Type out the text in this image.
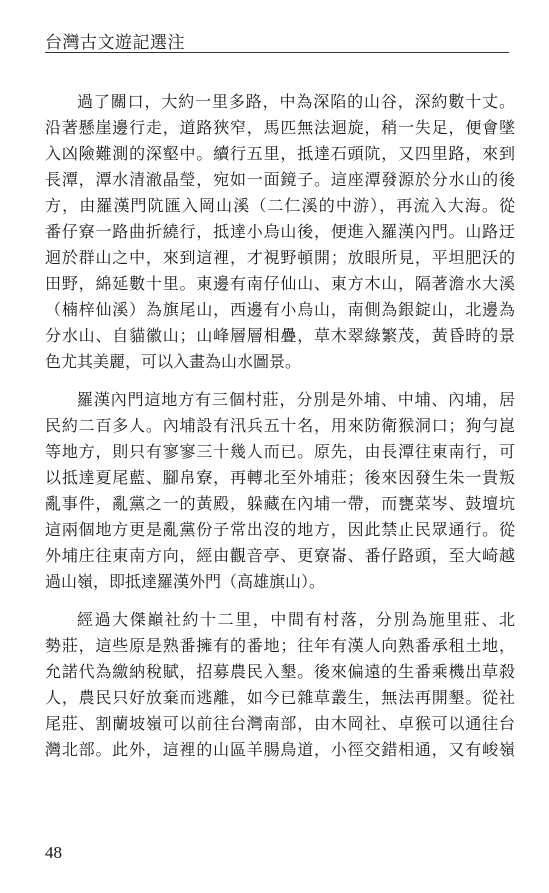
台灣古文遊記選注

過了關口，大約一里多路，中為深陷的山谷，深約數十丈。
沿著懸崖邊行走，道路狹窄，馬匹無法迴旋，稍一失足，便會墜
入凶險難測的深壑中。續行五里，抵達石頭阬，又四里路，來到
長潭，潭水清澈晶瑩，宛如一面鏡子。這座潭發源於分水山的後
方，由羅漢門阬匯入岡山溪（二仁溪的中游），再流入大海。從
番仔寮一路曲折繞行，抵達小烏山後，便進入羅漢內門。山路迂
迴於群山之中，來到這裡，才視野頓開；放眼所見，平坦肥沃的
田野，綿延數十里。東邊有南仔仙山、東方木山，隔著澹水大溪
（楠梓仙溪）為旗尾山，西邊有小烏山，南側為銀錠山，北邊為
分水山、自貓徽山；山峰層層相疊，草木翠綠繁茂，黃昏時的景
色尤其美麗，可以入畫為山水圖景。

羅漢內門這地方有三個村莊，分別是外埔、中埔、內埔，居
民約二百多人。內埔設有汛兵五十名，用來防衛猴洞口；狗勻崑
等地方，則只有寥寥三十幾人而已。原先，由長潭往東南行，可
以抵達夏尾藍、腳帛寮，再轉北至外埔莊；後來因發生朱一貴叛
亂事件，亂黨之一的黃殿，躲藏在內埔一帶，而甕菜岑、鼓壇坑
這兩個地方更是亂黨份子常出沒的地方，因此禁止民眾通行。從
外埔庄往東南方向，經由觀音亭、更寮崙、番仔路頭，至大崎越
過山嶺，即抵達羅漢外門（高雄旗山）。

經過大傑巔社約十二里，中間有村落，分別為施里莊、北
勢莊，這些原是熟番擁有的番地；往年有漢人向熟番承租土地，
允諾代為繳納稅賦，招募農民入墾。後來偏遠的生番乘機出草殺
人，農民只好放棄而逃離，如今已雜草叢生，無法再開墾。從社
尾莊、割蘭坡嶺可以前往台灣南部，由木岡社、卓猴可以通往台
灣北部。此外，這裡的山區羊腸鳥道，小徑交錯相通，又有峻嶺

48
